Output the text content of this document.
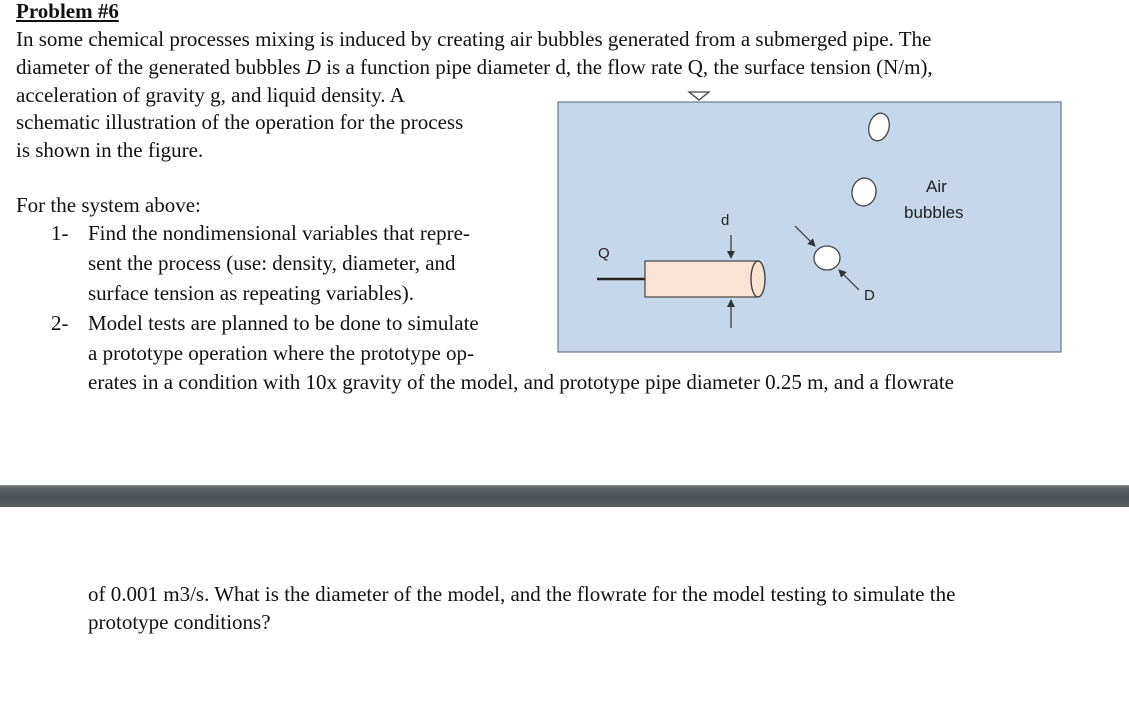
Problem #6
In some chemical processes mixing is induced by creating air bubbles generated from a submerged pipe. The
diameter of the generated bubbles D is a function pipe diameter d, the flow rate Q, the surface tension (N/m),
acceleration of gravity g, and liquid density. A
schematic illustration of the operation for the process
is shown in the figure.
For the system above:
1- Find the nondimensional variables that repre-
sent the process (use: density, diameter, and
surface tension as repeating variables).
2- Model tests are planned to be done to simulate
a prototype operation where the prototype op-
erates in a condition with 10x gravity of the model, and prototype pipe diameter 0.25 m, and a flowrate
of 0.001 m3/s. What is the diameter of the model, and the flowrate for the model testing to simulate the
prototype conditions?
Q
d
D
Air
bubbles
